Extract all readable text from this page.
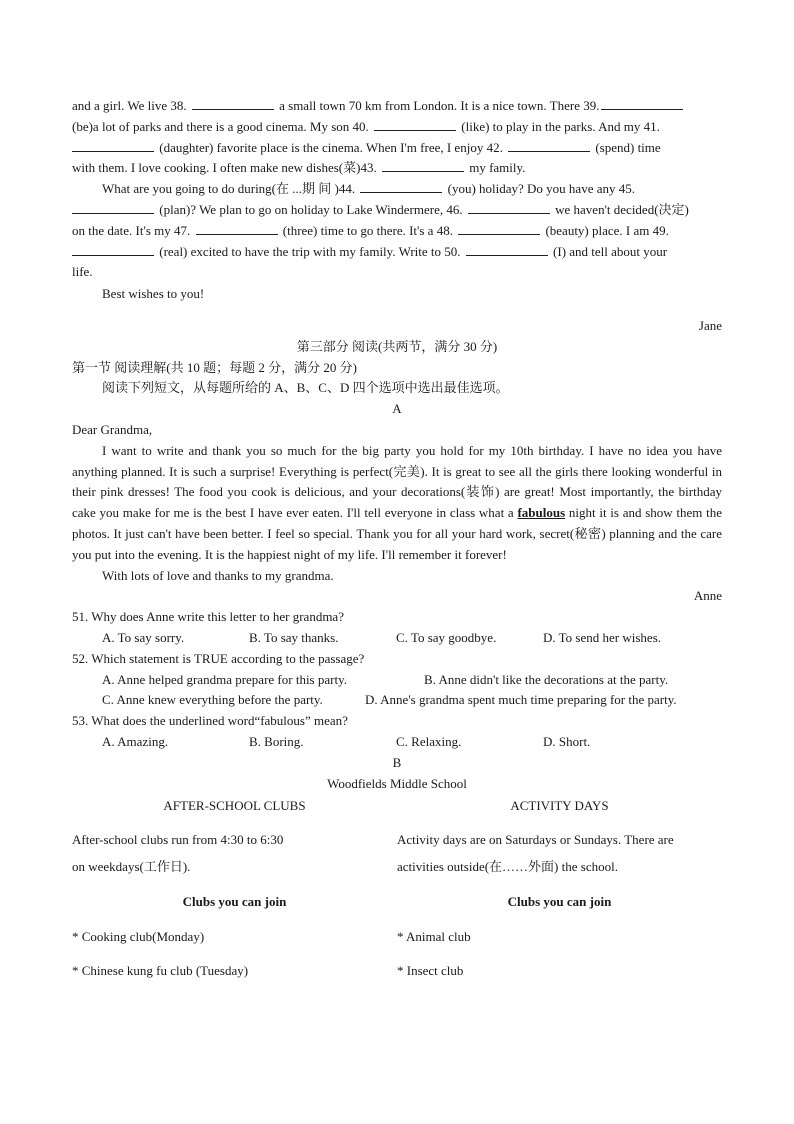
and a girl. We live 38.	a small town 70 km from London. It is a nice town. There 39.

(be)a lot of parks and there is a good cinema. My son 40.	(like) to play in the parks. And my 41.

(daughter) favorite place is the cinema. When I'm free, I enjoy 42.	(spend) time

with them. I love cooking. I often make new dishes(菜)43.	my family.

What are you going to do during(在 ...期 间 )44.	(you) holiday? Do you have any 45.

(plan)? We plan to go on holiday to Lake Windermere, 46.	we haven't decided(决定)

on the date. It's my 47.	(three) time to go there. It's a 48.	(beauty) place. I am 49.

(real) excited to have the trip with my family. Write to 50.	(I) and tell about your

life.

Best wishes to you!

Jane

第三部分 阅读(共两节，满分 30 分)

第一节 阅读理解(共 10 题；每题 2 分，满分 20 分)

阅读下列短文，从每题所给的 A、B、C、D 四个选项中选出最佳选项。

A

Dear Grandma,

I want to write and thank you so much for the big party you hold for my 10th birthday. I have no idea you have anything planned. It is such a surprise! Everything is perfect(完美). It is great to see all the girls there looking wonderful in their pink dresses! The food you cook is delicious, and your decorations(装饰) are great! Most importantly, the birthday cake you make for me is the best I have ever eaten. I'll tell everyone in class what a fabulous night it is and show them the photos. It just can't have been better. I feel so special. Thank you for all your hard work, secret(秘密) planning and the care you put into the evening. It is the happiest night of my life. I'll remember it forever!

With lots of love and thanks to my grandma.

Anne

51. Why does Anne write this letter to her grandma?

A. To say sorry.	B. To say thanks.	C. To say goodbye.	D. To send her wishes.

52. Which statement is TRUE according to the passage?

A. Anne helped grandma prepare for this party.	B. Anne didn't like the decorations at the party.
C. Anne knew everything before the party.	D. Anne's grandma spent much time preparing for the party.

53. What does the underlined word“fabulous” mean?

A. Amazing.	B. Boring.	C. Relaxing.	D. Short.

B

Woodfields Middle School

AFTER-SCHOOL CLUBS

After-school clubs run from 4:30 to 6:30

on weekdays(工作日).

Clubs you can join

* Cooking club(Monday)

* Chinese kung fu club (Tuesday)

ACTIVITY DAYS

Activity days are on Saturdays or Sundays. There are

activities outside(在……外面) the school.

Clubs you can join

* Animal club

* Insect club
